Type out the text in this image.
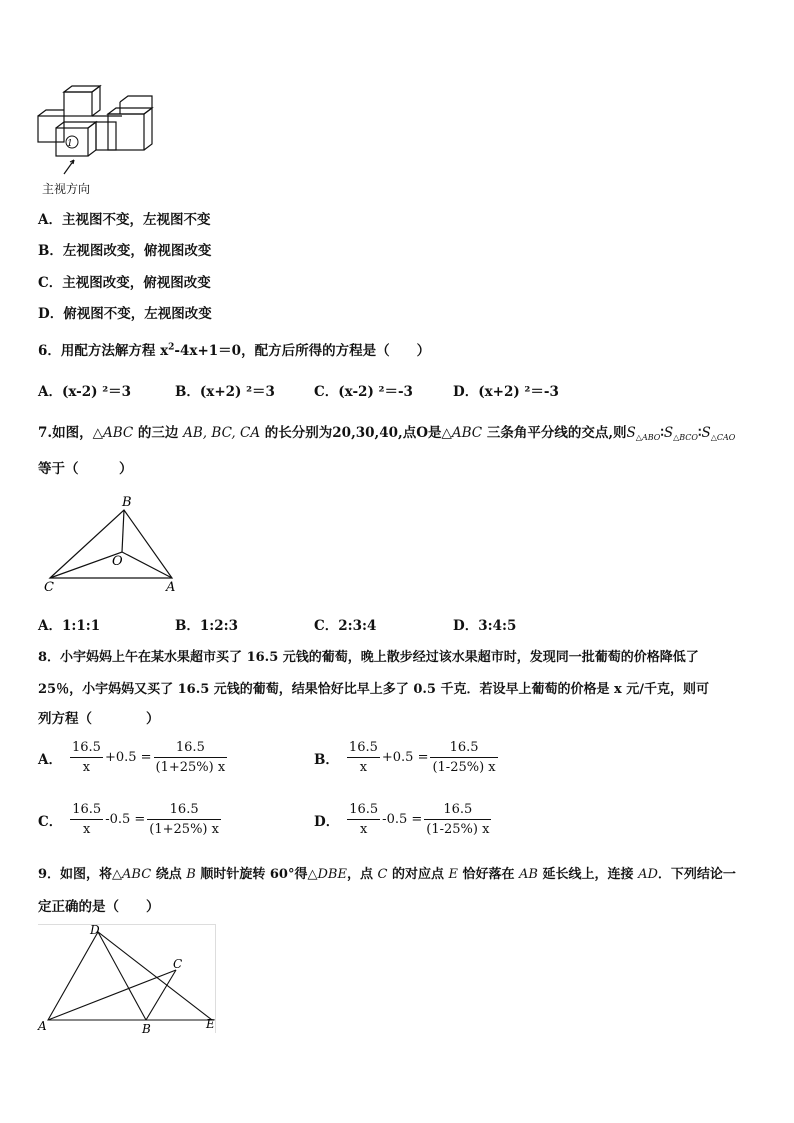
1
主视方向
A．主视图不变，左视图不变
B．左视图改变，俯视图改变
C．主视图改变，俯视图改变
D．俯视图不变，左视图改变
6．用配方法解方程 $x^2-4x+1=0$，配方后所得的方程是（　　）
A．(x-2) ²＝3	B．(x+2) ²＝3	C．(x-2) ²＝-3	D．(x+2) ²＝-3
7.如图，△ABC 的三边 AB, BC, CA 的长分别为20,30,40,点O是△ABC 三条角平分线的交点,则$S_{\triangle ABO}∶S_{\triangle BCO}∶S_{\triangle CAO}$
等于（　　　）
B
O
C	A
A．1:1:1	B．1:2:3	C．2:3:4	D．3:4:5
8．小宇妈妈上午在某水果超市买了 16.5 元钱的葡萄，晚上散步经过该水果超市时，发现同一批葡萄的价格降低了
25％，小宇妈妈又买了 16.5 元钱的葡萄，结果恰好比早上多了 0.5 千克．若设早上葡萄的价格是 x 元/千克，则可
列方程（　　　　）
A． $\frac{16.5}{x} +0.5 = \frac{16.5}{(1+25\%) x}$	B． $\frac{16.5}{x} +0.5 = \frac{16.5}{(1-25\%) x}$
C． $\frac{16.5}{x} -0.5 = \frac{16.5}{(1+25\%) x}$	D． $\frac{16.5}{x} -0.5 = \frac{16.5}{(1-25\%) x}$
9．如图，将△ABC 绕点 B 顺时针旋转 60°得△DBE，点 C 的对应点 E 恰好落在 AB 延长线上，连接 AD．下列结论一
定正确的是（　　）
D
C
A	B	E
